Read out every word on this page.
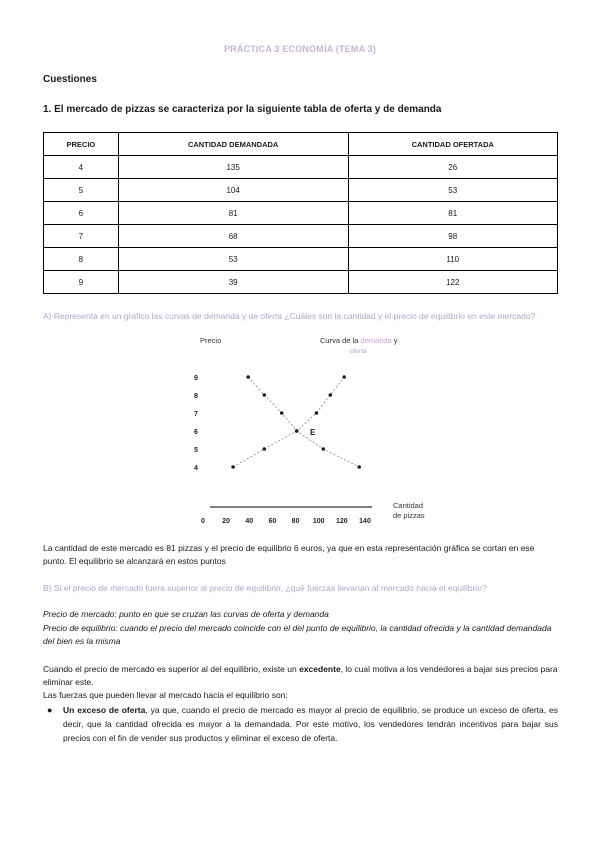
PRÁCTICA 3 ECONOMÍA (TEMA 3)
Cuestiones
1. El mercado de pizzas se caracteriza por la siguiente tabla de oferta y de demanda
PRECIO	CANTIDAD DEMANDADA	CANTIDAD OFERTADA
4	135	26
5	104	53
6	81	81
7	68	98
8	53	110
9	39	122
A) Representa en un gráfico las curvas de demanda y de oferta ¿Cuáles son la cantidad y el precio de equilibrio en este mercado?
Precio	Curva de la demanda y
oferta
9
8
7
6
5
4
0 20 40 60 80 100 120 140
E
Cantidad
de pizzas
La cantidad de este mercado es 81 pizzas y el precio de equilibrio 6 euros, ya que en esta representación gráfica se cortan en ese punto. El equilibrio se alcanzará en estos puntos
B) Si el precio de mercado fuera superior al precio de equilibrio, ¿qué fuerzas llevarían al mercado hacia el equilibrio?
Precio de mercado: punto en que se cruzan las curvas de oferta y demanda
Precio de equilibrio: cuando el precio del mercado coincide con el del punto de equilibrio, la cantidad ofrecida y la cantidad demandada del bien es la misma
Cuando el precio de mercado es superior al del equilibrio, existe un excedente, lo cual motiva a los vendedores a bajar sus precios para eliminar este.
Las fuerzas que pueden llevar al mercado hacia el equilibrio son:
● Un exceso de oferta, ya que, cuando el precio de mercado es mayor al precio de equilibrio, se produce un exceso de oferta, es decir, que la cantidad ofrecida es mayor a la demandada. Por este motivo, los vendedores tendrán incentivos para bajar sus precios con el fin de vender sus productos y eliminar el exceso de oferta.
